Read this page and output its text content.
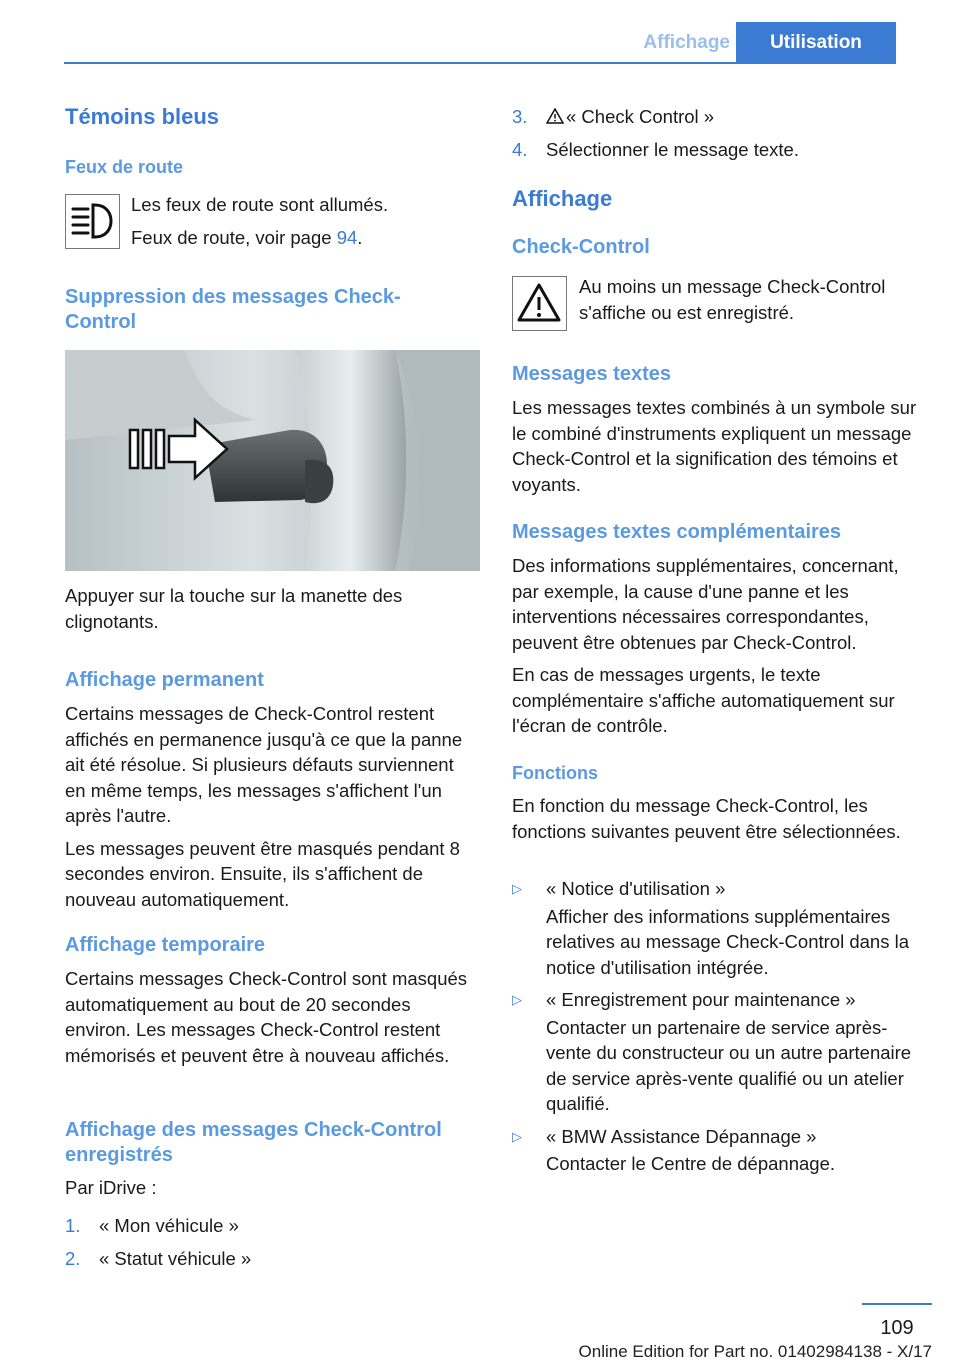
Affichage	Utilisation
Témoins bleus
Feux de route
Les feux de route sont allumés.
Feux de route, voir page 94.
Suppression des messages Check-Control
Appuyer sur la touche sur la manette des clignotants.
Affichage permanent
Certains messages de Check-Control restent affichés en permanence jusqu'à ce que la panne ait été résolue. Si plusieurs défauts surviennent en même temps, les messages s'affichent l'un après l'autre.
Les messages peuvent être masqués pendant 8 secondes environ. Ensuite, ils s'affichent de nouveau automatiquement.
Affichage temporaire
Certains messages Check-Control sont masqués automatiquement au bout de 20 secondes environ. Les messages Check-Control restent mémorisés et peuvent être à nouveau affichés.
Affichage des messages Check-Control enregistrés
Par iDrive :
1.	« Mon véhicule »
2.	« Statut véhicule »
3.	« Check Control »
4.	Sélectionner le message texte.
Affichage
Check-Control
Au moins un message Check-Control s'affiche ou est enregistré.
Messages textes
Les messages textes combinés à un symbole sur le combiné d'instruments expliquent un message Check-Control et la signification des témoins et voyants.
Messages textes complémentaires
Des informations supplémentaires, concernant, par exemple, la cause d'une panne et les interventions nécessaires correspondantes, peuvent être obtenues par Check-Control.
En cas de messages urgents, le texte complémentaire s'affiche automatiquement sur l'écran de contrôle.
Fonctions
En fonction du message Check-Control, les fonctions suivantes peuvent être sélectionnées.
▷	« Notice d'utilisation »
Afficher des informations supplémentaires relatives au message Check-Control dans la notice d'utilisation intégrée.
▷	« Enregistrement pour maintenance »
Contacter un partenaire de service après-vente du constructeur ou un autre partenaire de service après-vente qualifié ou un atelier qualifié.
▷	« BMW Assistance Dépannage »
Contacter le Centre de dépannage.
109
Online Edition for Part no. 01402984138 - X/17
